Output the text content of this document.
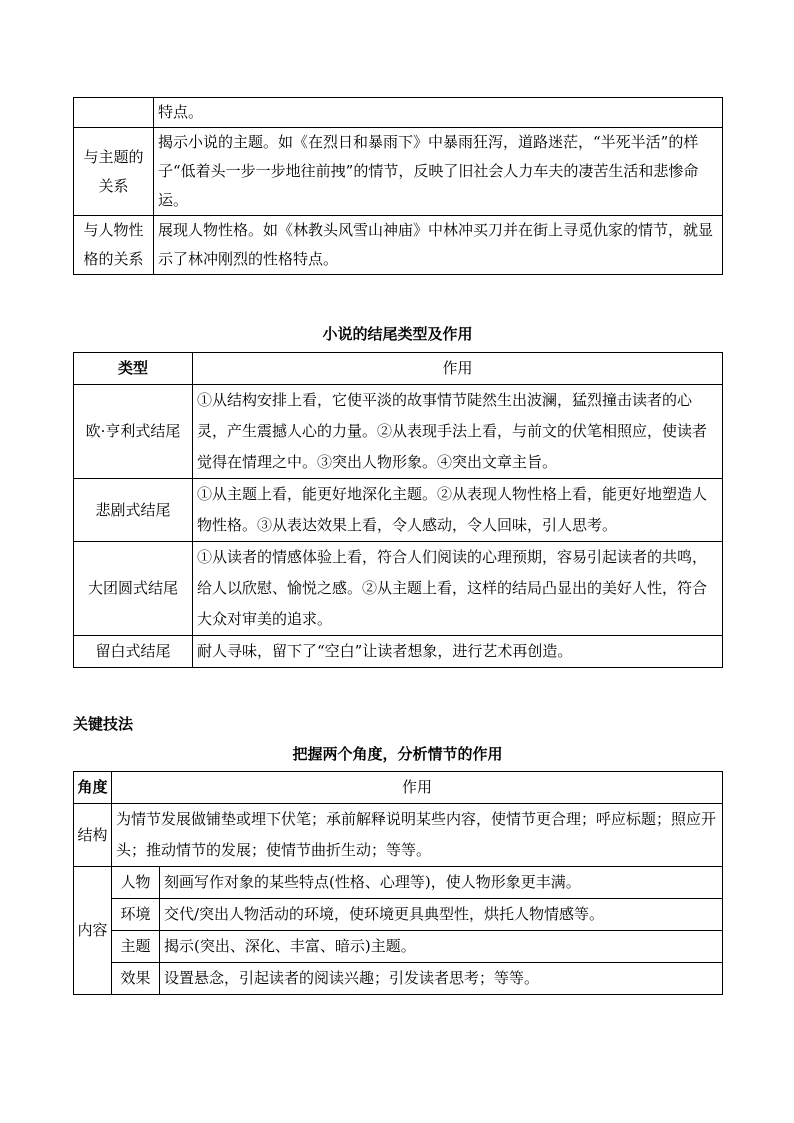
	特点。
与主题的关系	揭示小说的主题。如《在烈日和暴雨下》中暴雨狂泻，道路迷茫，“半死半活”的样子“低着头一步一步地往前拽”的情节，反映了旧社会人力车夫的凄苦生活和悲惨命运。
与人物性格的关系	展现人物性格。如《林教头风雪山神庙》中林冲买刀并在街上寻觅仇家的情节，就显示了林冲刚烈的性格特点。
小说的结尾类型及作用
类型	作用
欧·亨利式结尾	①从结构安排上看，它使平淡的故事情节陡然生出波澜，猛烈撞击读者的心灵，产生震撼人心的力量。②从表现手法上看，与前文的伏笔相照应，使读者觉得在情理之中。③突出人物形象。④突出文章主旨。
悲剧式结尾	①从主题上看，能更好地深化主题。②从表现人物性格上看，能更好地塑造人物性格。③从表达效果上看，令人感动，令人回味，引人思考。
大团圆式结尾	①从读者的情感体验上看，符合人们阅读的心理预期，容易引起读者的共鸣，给人以欣慰、愉悦之感。②从主题上看，这样的结局凸显出的美好人性，符合大众对审美的追求。
留白式结尾	耐人寻味，留下了“空白”让读者想象，进行艺术再创造。
关键技法
把握两个角度，分析情节的作用
角度	作用	
结构	为情节发展做铺垫或埋下伏笔；承前解释说明某些内容，使情节更合理；呼应标题；照应开头；推动情节的发展；使情节曲折生动；等等。	
内容	人物	刻画写作对象的某些特点(性格、心理等)，使人物形象更丰满。
	环境	交代/突出人物活动的环境，使环境更具典型性，烘托人物情感等。
	主题	揭示(突出、深化、丰富、暗示)主题。
	效果	设置悬念，引起读者的阅读兴趣；引发读者思考；等等。
